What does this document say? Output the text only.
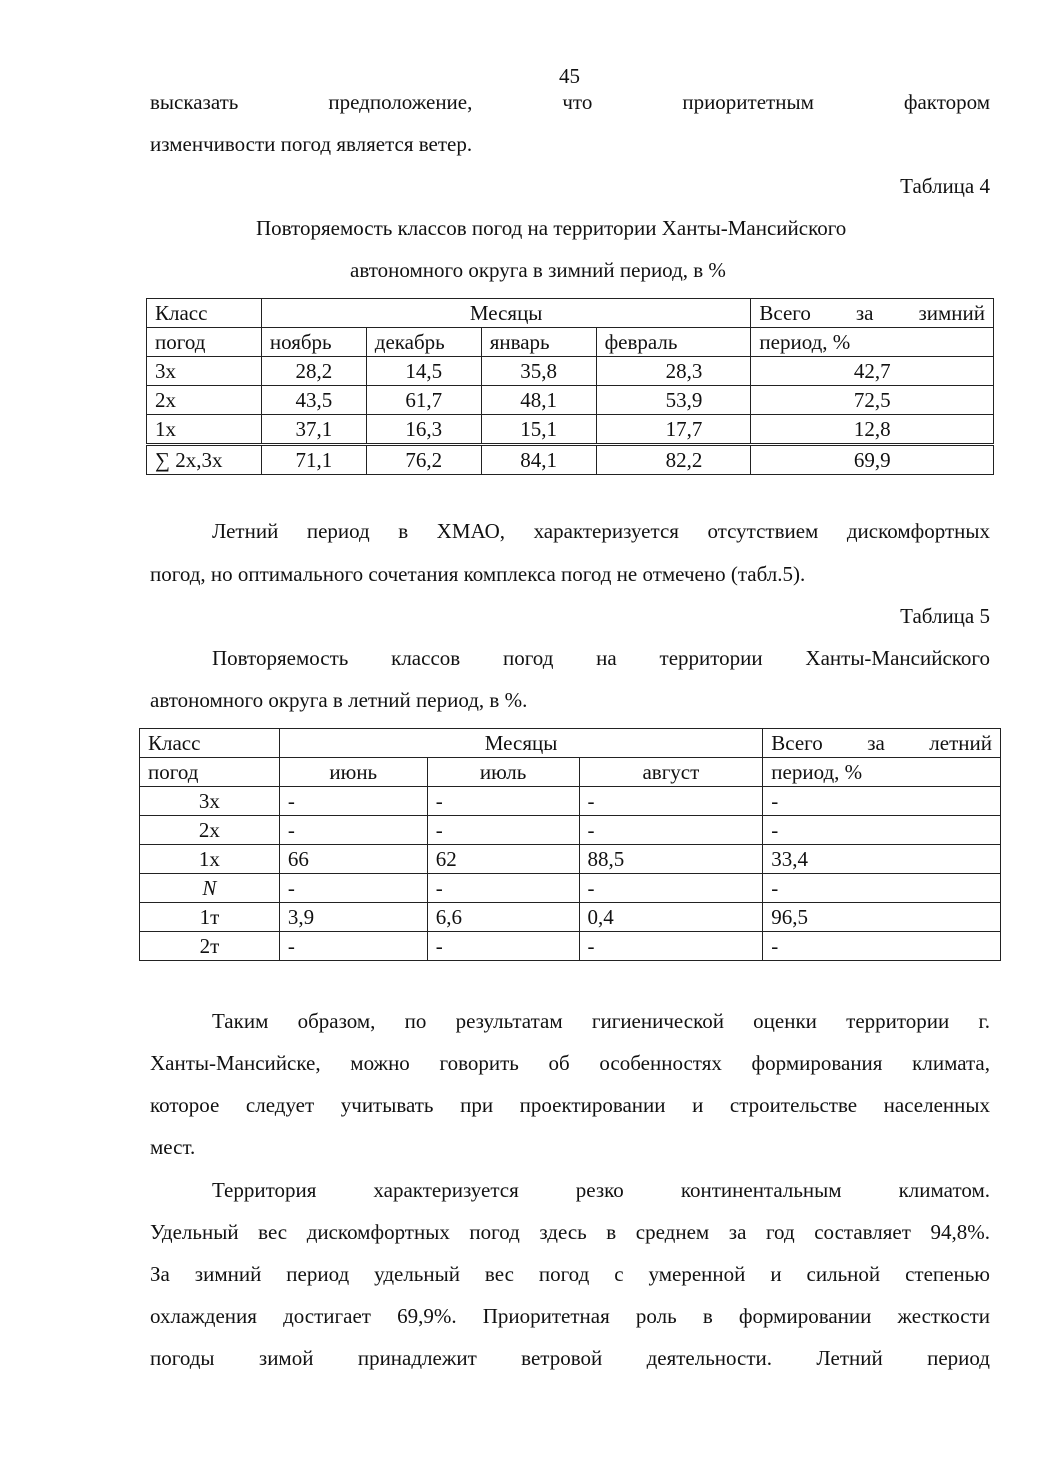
45
высказать предположение, что приоритетным фактором
изменчивости погод является ветер.
Таблица 4
Повторяемость классов погод на территории Ханты-Мансийского
автономного округа в зимний период, в %
Класс	Месяцы				Всего за зимний
погод	ноябрь	декабрь	январь	февраль	период, %
3х	28,2	14,5	35,8	28,3	42,7
2х	43,5	61,7	48,1	53,9	72,5
1х	37,1	16,3	15,1	17,7	12,8
∑ 2х,3х	71,1	76,2	84,1	82,2	69,9
Летний период в ХМАО, характеризуется отсутствием дискомфортных
погод, но оптимального сочетания комплекса погод не отмечено (табл.5).
Таблица 5
Повторяемость классов погод на территории Ханты-Мансийского
автономного округа в летний период, в %.
Класс	Месяцы			Всего за летний
погод	июнь	июль	август	период, %
3х	-	-	-	-
2х	-	-	-	-
1х	66	62	88,5	33,4
N	-	-	-	-
1т	3,9	6,6	0,4	96,5
2т	-	-	-	-
Таким образом, по результатам гигиенической оценки территории г.
Ханты-Мансийске, можно говорить об особенностях формирования климата,
которое следует учитывать при проектировании и строительстве населенных
мест.
Территория характеризуется резко континентальным климатом.
Удельный вес дискомфортных погод здесь в среднем за год составляет 94,8%.
За зимний период удельный вес погод с умеренной и сильной степенью
охлаждения достигает 69,9%. Приоритетная роль в формировании жесткости
погоды зимой принадлежит ветровой деятельности. Летний период
